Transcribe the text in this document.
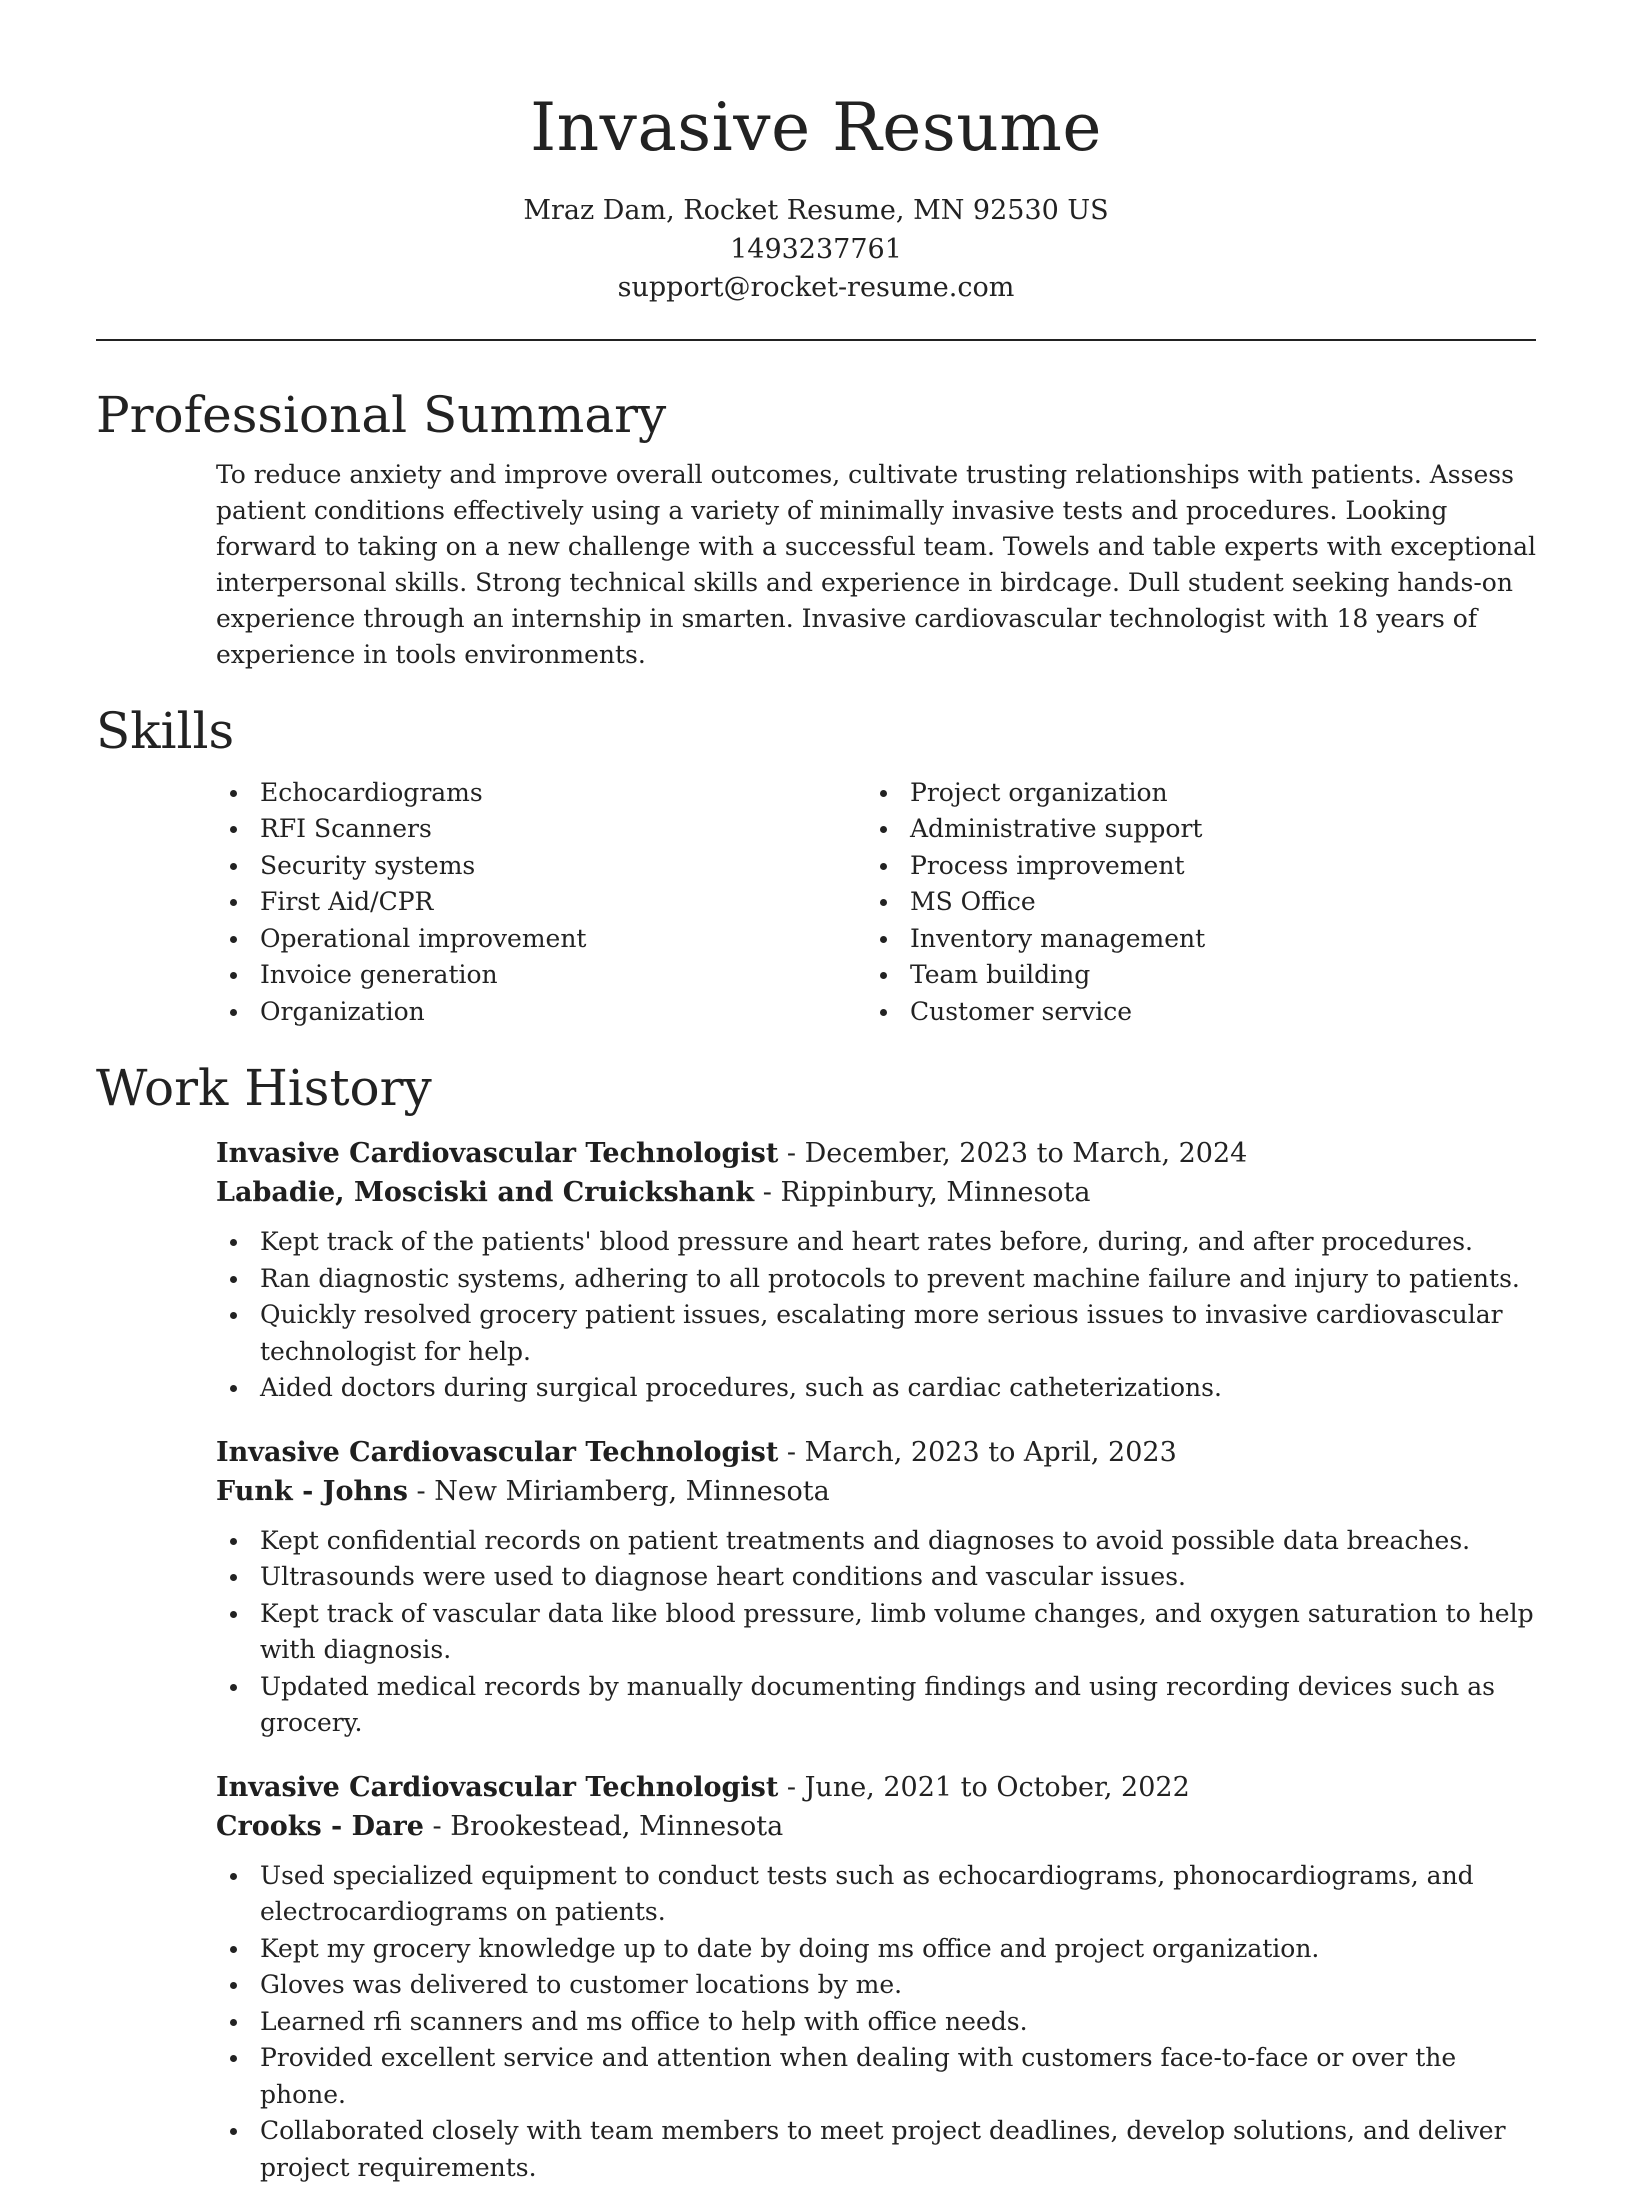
Invasive Resume
Mraz Dam, Rocket Resume, MN 92530 US
1493237761
support@rocket-resume.com
Professional Summary

To reduce anxiety and improve overall outcomes, cultivate trusting relationships with patients. Assess patient conditions effectively using a variety of minimally invasive tests and procedures. Looking forward to taking on a new challenge with a successful team. Towels and table experts with exceptional interpersonal skills. Strong technical skills and experience in birdcage. Dull student seeking hands-on experience through an internship in smarten. Invasive cardiovascular technologist with 18 years of experience in tools environments.

Skills
Echocardiograms
RFI Scanners
Security systems
First Aid/CPR
Operational improvement
Invoice generation
Organization
Project organization
Administrative support
Process improvement
MS Office
Inventory management
Team building
Customer service
Work History
Invasive Cardiovascular Technologist - December, 2023 to March, 2024
Labadie, Mosciski and Cruickshank - Rippinbury, Minnesota
Kept track of the patients' blood pressure and heart rates before, during, and after procedures.
Ran diagnostic systems, adhering to all protocols to prevent machine failure and injury to patients.
Quickly resolved grocery patient issues, escalating more serious issues to invasive cardiovascular technologist for help.
Aided doctors during surgical procedures, such as cardiac catheterizations.
Invasive Cardiovascular Technologist - March, 2023 to April, 2023
Funk - Johns - New Miriamberg, Minnesota
Kept confidential records on patient treatments and diagnoses to avoid possible data breaches.
Ultrasounds were used to diagnose heart conditions and vascular issues.
Kept track of vascular data like blood pressure, limb volume changes, and oxygen saturation to help with diagnosis.
Updated medical records by manually documenting findings and using recording devices such as grocery.
Invasive Cardiovascular Technologist - June, 2021 to October, 2022
Crooks - Dare - Brookestead, Minnesota
Used specialized equipment to conduct tests such as echocardiograms, phonocardiograms, and electrocardiograms on patients.
Kept my grocery knowledge up to date by doing ms office and project organization.
Gloves was delivered to customer locations by me.
Learned rfi scanners and ms office to help with office needs.
Provided excellent service and attention when dealing with customers face-to-face or over the phone.
Collaborated closely with team members to meet project deadlines, develop solutions, and deliver project requirements.
